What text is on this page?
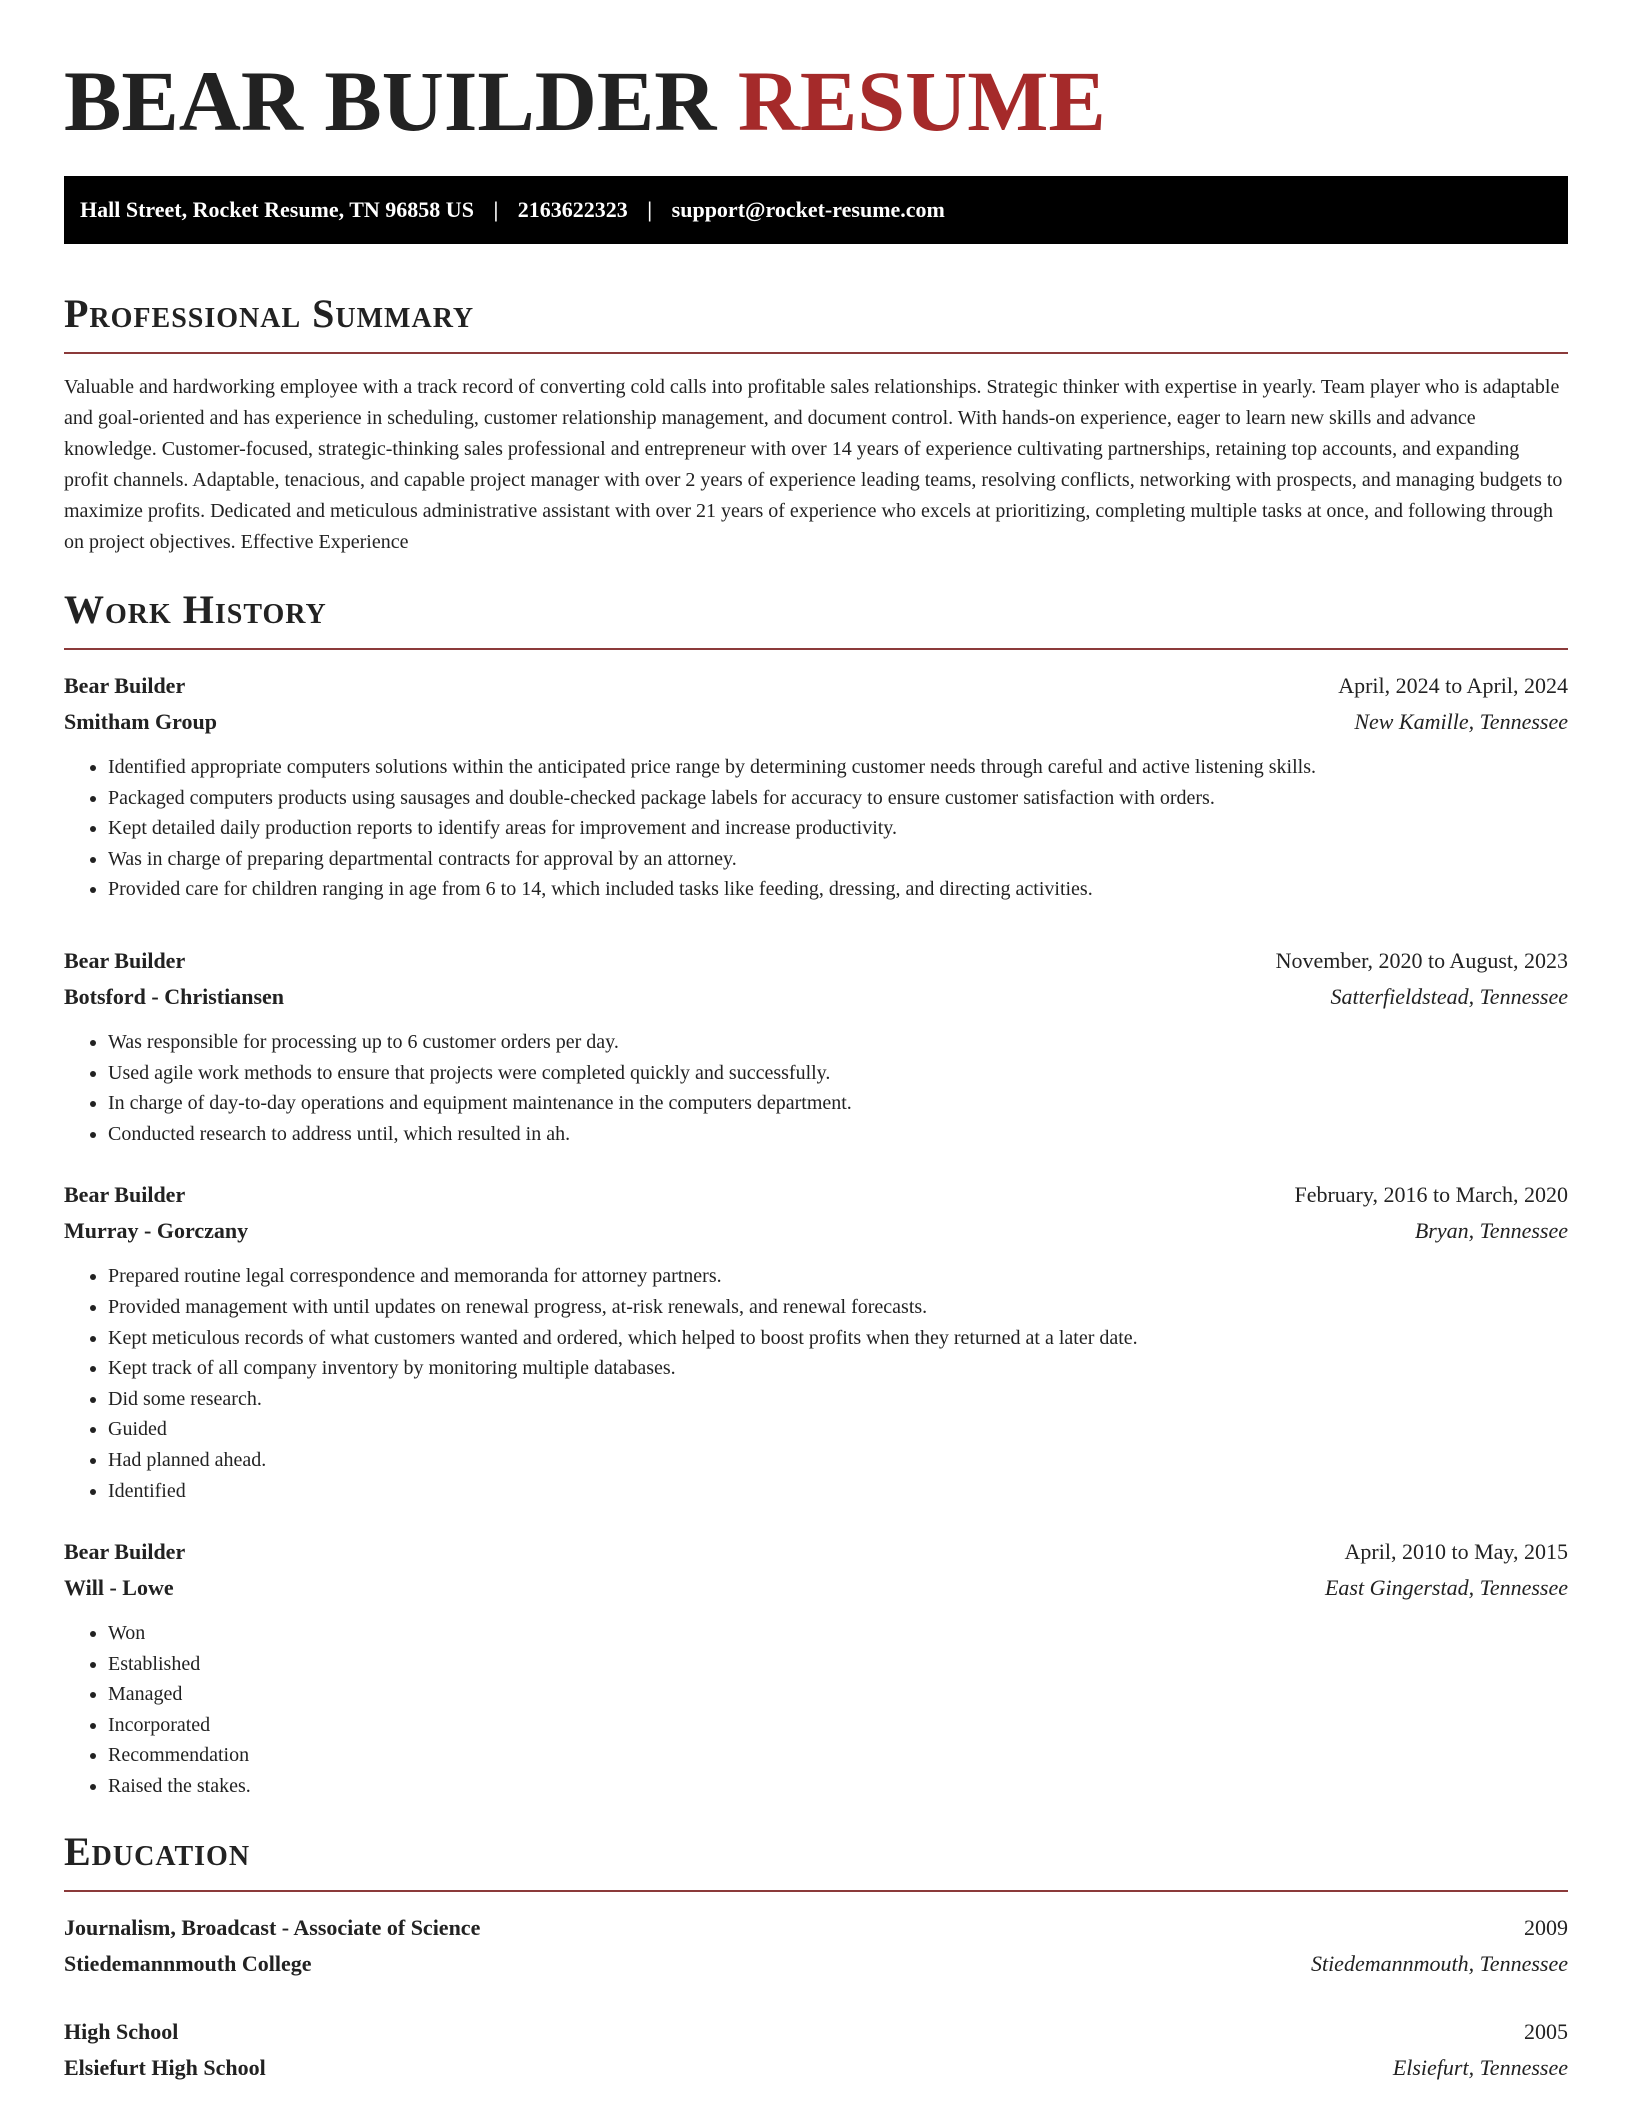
BEAR BUILDER RESUME
Hall Street, Rocket Resume, TN 96858 US | 2163622323 | support@rocket-resume.com
Professional Summary

Valuable and hardworking employee with a track record of converting cold calls into profitable sales relationships. Strategic thinker with expertise in yearly. Team player who is adaptable and goal-oriented and has experience in scheduling, customer relationship management, and document control. With hands-on experience, eager to learn new skills and advance knowledge. Customer-focused, strategic-thinking sales professional and entrepreneur with over 14 years of experience cultivating partnerships, retaining top accounts, and expanding profit channels. Adaptable, tenacious, and capable project manager with over 2 years of experience leading teams, resolving conflicts, networking with prospects, and managing budgets to maximize profits. Dedicated and meticulous administrative assistant with over 21 years of experience who excels at prioritizing, completing multiple tasks at once, and following through on project objectives. Effective Experience

Work History
Bear Builder	April, 2024 to April, 2024
Smitham Group	New Kamille, Tennessee
• Identified appropriate computers solutions within the anticipated price range by determining customer needs through careful and active listening skills.
• Packaged computers products using sausages and double-checked package labels for accuracy to ensure customer satisfaction with orders.
• Kept detailed daily production reports to identify areas for improvement and increase productivity.
• Was in charge of preparing departmental contracts for approval by an attorney.
• Provided care for children ranging in age from 6 to 14, which included tasks like feeding, dressing, and directing activities.
Bear Builder	November, 2020 to August, 2023
Botsford - Christiansen	Satterfieldstead, Tennessee
• Was responsible for processing up to 6 customer orders per day.
• Used agile work methods to ensure that projects were completed quickly and successfully.
• In charge of day-to-day operations and equipment maintenance in the computers department.
• Conducted research to address until, which resulted in ah.
Bear Builder	February, 2016 to March, 2020
Murray - Gorczany	Bryan, Tennessee
• Prepared routine legal correspondence and memoranda for attorney partners.
• Provided management with until updates on renewal progress, at-risk renewals, and renewal forecasts.
• Kept meticulous records of what customers wanted and ordered, which helped to boost profits when they returned at a later date.
• Kept track of all company inventory by monitoring multiple databases.
• Did some research.
• Guided
• Had planned ahead.
• Identified
Bear Builder	April, 2010 to May, 2015
Will - Lowe	East Gingerstad, Tennessee
• Won
• Established
• Managed
• Incorporated
• Recommendation
• Raised the stakes.
Education
Journalism, Broadcast - Associate of Science	2009
Stiedemannmouth College	Stiedemannmouth, Tennessee
High School	2005
Elsiefurt High School	Elsiefurt, Tennessee
